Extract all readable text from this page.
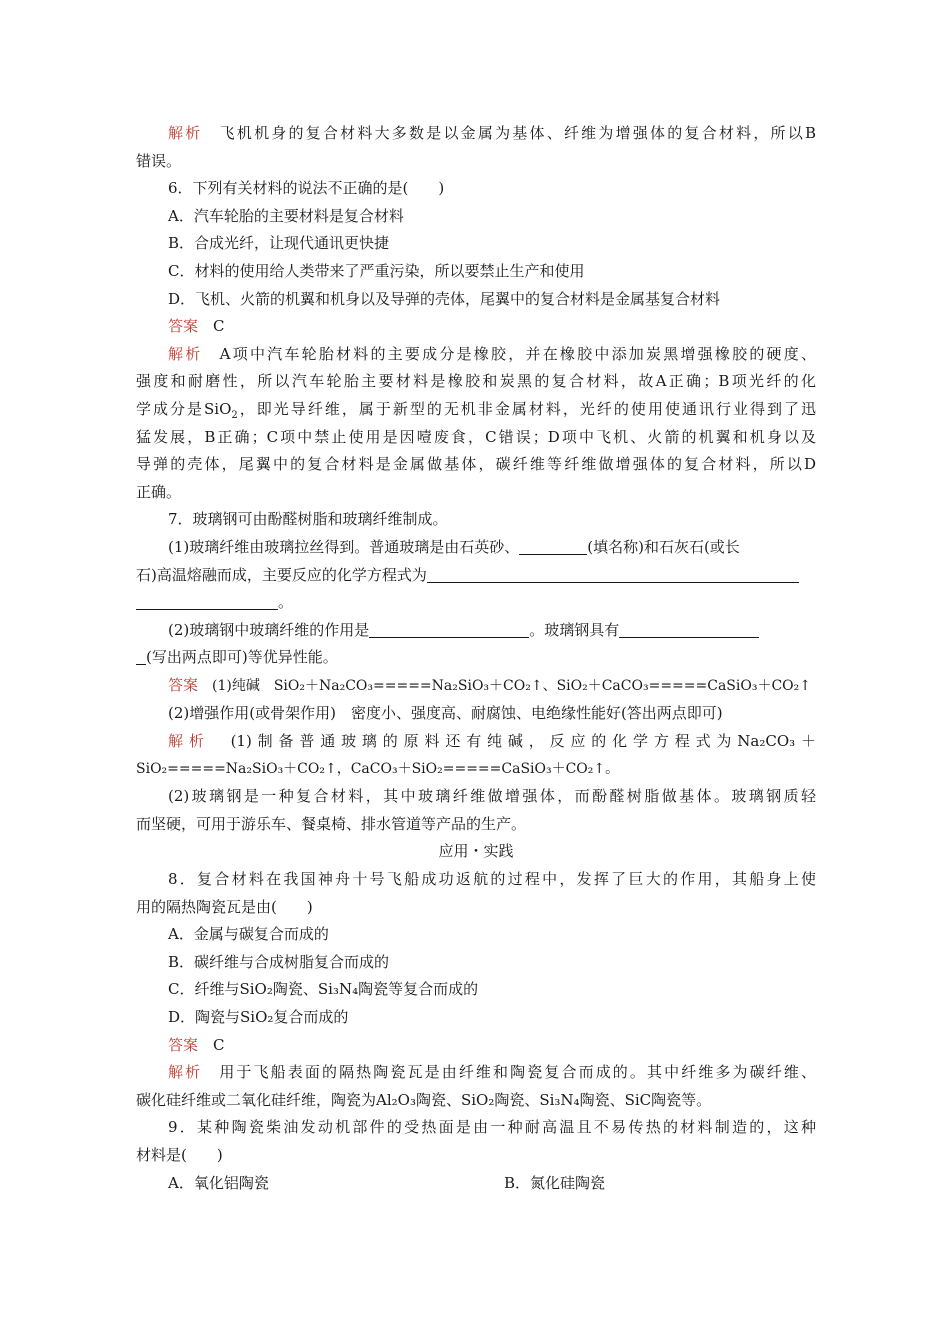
解析　飞机机身的复合材料大多数是以金属为基体、纤维为增强体的复合材料，所以B

错误。

6．下列有关材料的说法不正确的是(　　)

A．汽车轮胎的主要材料是复合材料

B．合成光纤，让现代通讯更快捷

C．材料的使用给人类带来了严重污染，所以要禁止生产和使用

D．飞机、火箭的机翼和机身以及导弹的壳体，尾翼中的复合材料是金属基复合材料

答案　C

解析　A项中汽车轮胎材料的主要成分是橡胶，并在橡胶中添加炭黑增强橡胶的硬度、

强度和耐磨性，所以汽车轮胎主要材料是橡胶和炭黑的复合材料，故A正确；B项光纤的化

学成分是SiO$_2$，即光导纤维，属于新型的无机非金属材料，光纤的使用使通讯行业得到了迅

猛发展，B正确；C项中禁止使用是因噎废食，C错误；D项中飞机、火箭的机翼和机身以及

导弹的壳体，尾翼中的复合材料是金属做基体，碳纤维等纤维做增强体的复合材料，所以D

正确。

7．玻璃钢可由酚醛树脂和玻璃纤维制成。

(1)玻璃纤维由玻璃拉丝得到。普通玻璃是由石英砂、	(填名称)和石灰石(或长

石)高温熔融而成，主要反应的化学方程式为

。

(2)玻璃钢中玻璃纤维的作用是	。玻璃钢具有

(写出两点即可)等优异性能。

答案　(1)纯碱　SiO₂＋Na₂CO₃=====Na₂SiO₃＋CO₂↑、SiO₂＋CaCO₃=====CaSiO₃＋CO₂↑

(2)增强作用(或骨架作用)　密度小、强度高、耐腐蚀、电绝缘性能好(答出两点即可)

解析　(1)制备普通玻璃的原料还有纯碱，反应的化学方程式为Na₂CO₃＋

SiO₂=====Na₂SiO₃＋CO₂↑，CaCO₃＋SiO₂=====CaSiO₃＋CO₂↑。

(2)玻璃钢是一种复合材料，其中玻璃纤维做增强体，而酚醛树脂做基体。玻璃钢质轻

而坚硬，可用于游乐车、餐桌椅、排水管道等产品的生产。

应用・实践

8．复合材料在我国神舟十号飞船成功返航的过程中，发挥了巨大的作用，其船身上使

用的隔热陶瓷瓦是由(　　)

A．金属与碳复合而成的

B．碳纤维与合成树脂复合而成的

C．纤维与SiO₂陶瓷、Si₃N₄陶瓷等复合而成的

D．陶瓷与SiO₂复合而成的

答案　C

解析　用于飞船表面的隔热陶瓷瓦是由纤维和陶瓷复合而成的。其中纤维多为碳纤维、

碳化硅纤维或二氧化硅纤维，陶瓷为Al₂O₃陶瓷、SiO₂陶瓷、Si₃N₄陶瓷、SiC陶瓷等。

9．某种陶瓷柴油发动机部件的受热面是由一种耐高温且不易传热的材料制造的，这种

材料是(　　)

A．氧化铝陶瓷	B．氮化硅陶瓷
